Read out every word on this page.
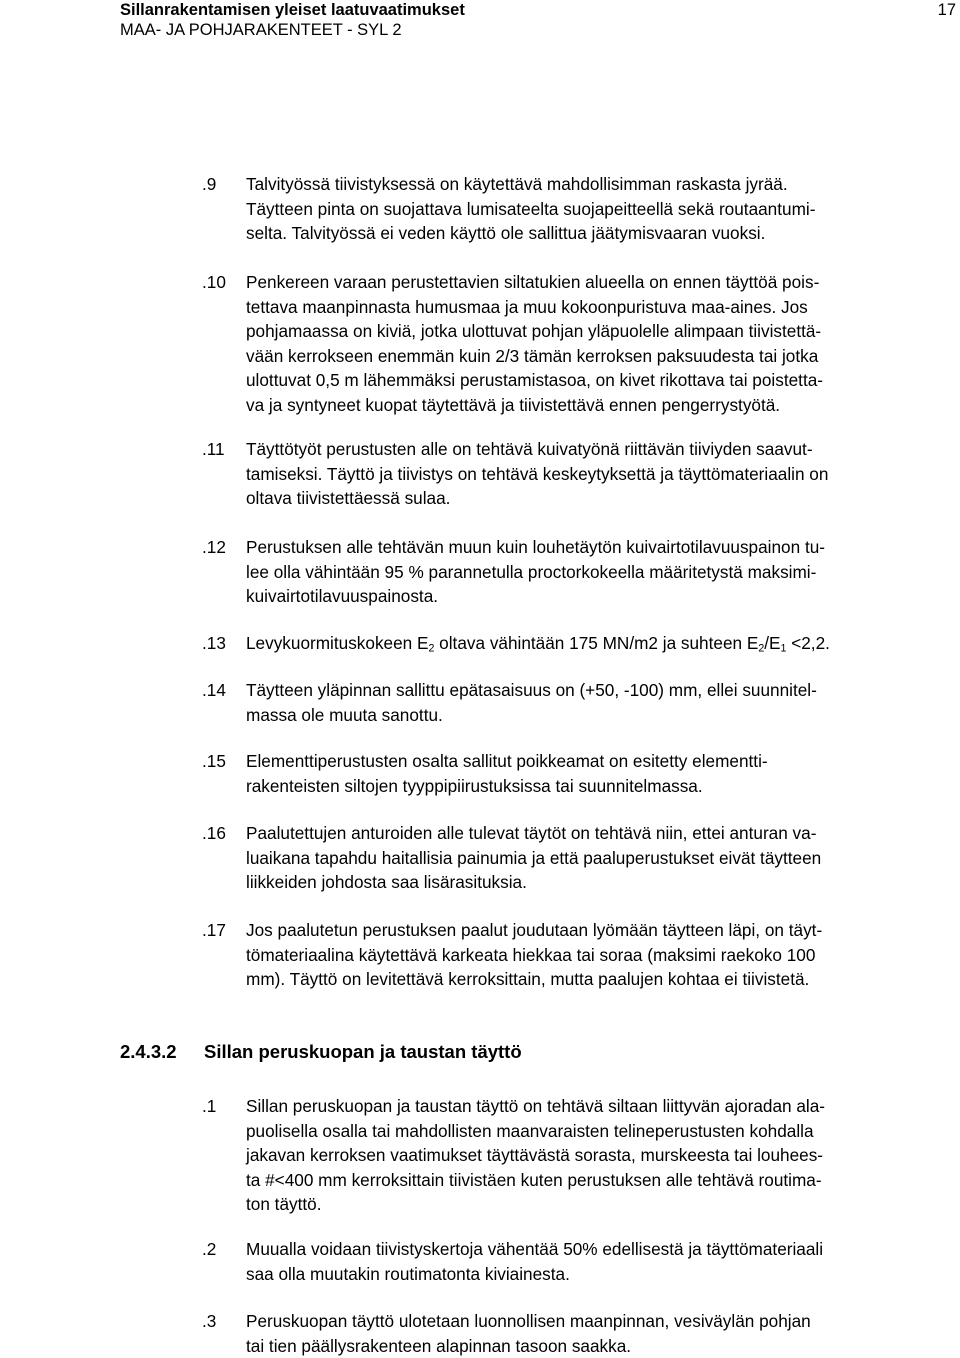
Sillanrakentamisen yleiset laatuvaatimukset
MAA- JA POHJARAKENTEET - SYL 2
17
.9 Talvityössä tiivistyksessä on käytettävä mahdollisimman raskasta jyrää.
Täytteen pinta on suojattava lumisateelta suojapeitteellä sekä routaantumi-
selta. Talvityössä ei veden käyttö ole sallittua jäätymisvaaran vuoksi.
.10 Penkereen varaan perustettavien siltatukien alueella on ennen täyttöä pois-
tettava maanpinnasta humusmaa ja muu kokoonpuristuva maa-aines. Jos
pohjamaassa on kiviä, jotka ulottuvat pohjan yläpuolelle alimpaan tiivistettä-
vään kerrokseen enemmän kuin 2/3 tämän kerroksen paksuudesta tai jotka
ulottuvat 0,5 m lähemmäksi perustamistasoa, on kivet rikottava tai poistetta-
va ja syntyneet kuopat täytettävä ja tiivistettävä ennen pengerrystyötä.
.11 Täyttötyöt perustusten alle on tehtävä kuivatyönä riittävän tiiviyden saavut-
tamiseksi. Täyttö ja tiivistys on tehtävä keskeytyksettä ja täyttömateriaalin on
oltava tiivistettäessä sulaa.
.12 Perustuksen alle tehtävän muun kuin louhetäytön kuivairtotilavuuspainon tu-
lee olla vähintään 95 % parannetulla proctorkokeella määritetystä maksimi-
kuivairtotilavuuspainosta.
.13 Levykuormituskokeen $E_2$ oltava vähintään 175 MN/m2 ja suhteen $E_2/E_1 <2,2$.
.14 Täytteen yläpinnan sallittu epätasaisuus on (+50, -100) mm, ellei suunnitel-
massa ole muuta sanottu.
.15 Elementtiperustusten osalta sallitut poikkeamat on esitetty elementti-
rakenteisten siltojen tyyppipiirustuksissa tai suunnitelmassa.
.16 Paalutettujen anturoiden alle tulevat täytöt on tehtävä niin, ettei anturan va-
luaikana tapahdu haitallisia painumia ja että paaluperustukset eivät täytteen
liikkeiden johdosta saa lisärasituksia.
.17 Jos paalutetun perustuksen paalut joudutaan lyömään täytteen läpi, on täyt-
tömateriaalina käytettävä karkeata hiekkaa tai soraa (maksimi raekoko 100
mm). Täyttö on levitettävä kerroksittain, mutta paalujen kohtaa ei tiivistetä.
2.4.3.2 Sillan peruskuopan ja taustan täyttö
.1 Sillan peruskuopan ja taustan täyttö on tehtävä siltaan liittyvän ajoradan ala-
puolisella osalla tai mahdollisten maanvaraisten telineperustusten kohdalla
jakavan kerroksen vaatimukset täyttävästä sorasta, murskeesta tai louhees-
ta #<400 mm kerroksittain tiivistäen kuten perustuksen alle tehtävä routima-
ton täyttö.
.2 Muualla voidaan tiivistyskertoja vähentää 50% edellisestä ja täyttömateriaali
saa olla muutakin routimatonta kiviainesta.
.3 Peruskuopan täyttö ulotetaan luonnollisen maanpinnan, vesiväylän pohjan
tai tien päällysrakenteen alapinnan tasoon saakka.
